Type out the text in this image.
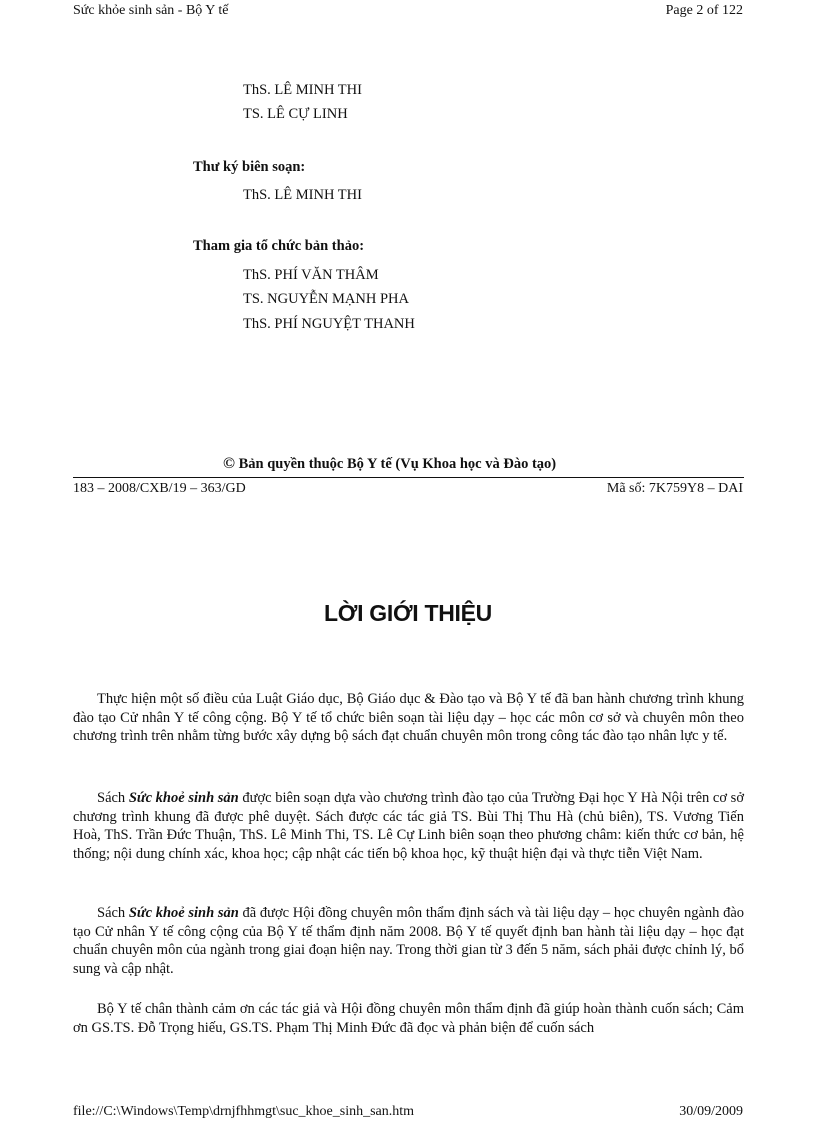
Sức khỏe sinh sản - Bộ Y tế	Page 2 of 122
ThS. LÊ MINH THI
TS. LÊ CỰ LINH
Thư ký biên soạn:
ThS. LÊ MINH THI
Tham gia tổ chức bản thảo:
ThS. PHÍ VĂN THÂM
TS. NGUYỄN MẠNH PHA
ThS. PHÍ NGUYỆT THANH
© Bản quyền thuộc Bộ Y tế (Vụ Khoa học và Đào tạo)
183 – 2008/CXB/19 – 363/GD	Mã số: 7K759Y8 – DAI
LỜI GIỚI THIỆU
Thực hiện một số điều của Luật Giáo dục, Bộ Giáo dục & Đào tạo và Bộ Y tế đã ban hành chương trình khung đào tạo Cử nhân Y tế công cộng. Bộ Y tế tổ chức biên soạn tài liệu dạy – học các môn cơ sở và chuyên môn theo chương trình trên nhằm từng bước xây dựng bộ sách đạt chuẩn chuyên môn trong công tác đào tạo nhân lực y tế.
Sách Sức khoẻ sinh sản được biên soạn dựa vào chương trình đào tạo của Trường Đại học Y Hà Nội trên cơ sở chương trình khung đã được phê duyệt. Sách được các tác giả TS. Bùi Thị Thu Hà (chủ biên), TS. Vương Tiến Hoà, ThS. Trần Đức Thuận, ThS. Lê Minh Thi, TS. Lê Cự Linh biên soạn theo phương châm: kiến thức cơ bản, hệ thống; nội dung chính xác, khoa học; cập nhật các tiến bộ khoa học, kỹ thuật hiện đại và thực tiễn Việt Nam.
Sách Sức khoẻ sinh sản đã được Hội đồng chuyên môn thẩm định sách và tài liệu dạy – học chuyên ngành đào tạo Cử nhân Y tế công cộng của Bộ Y tế thẩm định năm 2008. Bộ Y tế quyết định ban hành tài liệu dạy – học đạt chuẩn chuyên môn của ngành trong giai đoạn hiện nay. Trong thời gian từ 3 đến 5 năm, sách phải được chỉnh lý, bổ sung và cập nhật.
Bộ Y tế chân thành cảm ơn các tác giả và Hội đồng chuyên môn thẩm định đã giúp hoàn thành cuốn sách; Cảm ơn GS.TS. Đỗ Trọng hiếu, GS.TS. Phạm Thị Minh Đức đã đọc và phản biện để cuốn sách
file://C:\Windows\Temp\drnjfhhmgt\suc_khoe_sinh_san.htm	30/09/2009
